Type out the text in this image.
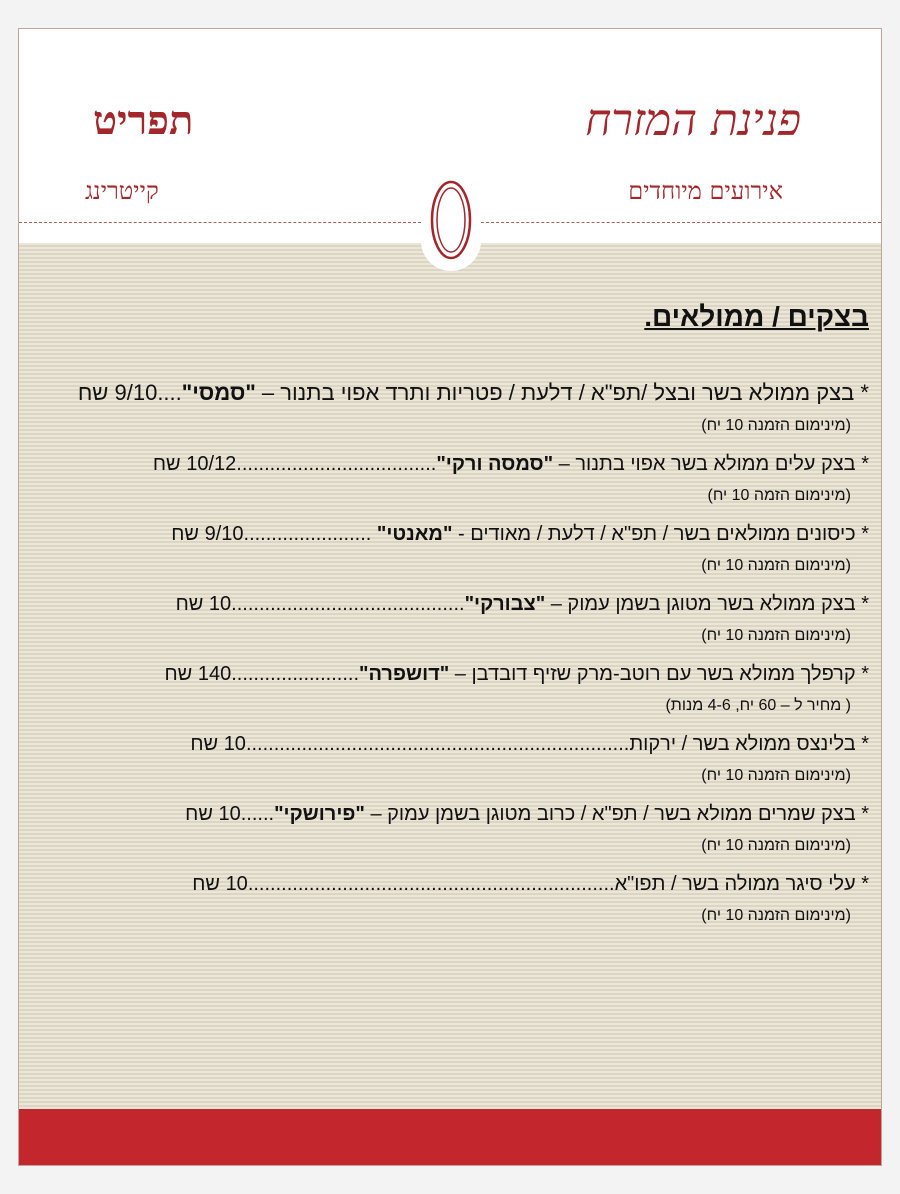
פנינת המזרח
אירועים מיוחדים
תפריט
קייטרינג
בצקים / ממולאים.
* בצק ממולא בשר ובצל /תפ"א / דלעת / פטריות ותרד אפוי בתנור – "סמסי"....9/10 שח
(מינימום הזמנה 10 יח)
* בצק עלים ממולא בשר אפוי בתנור – "סמסה ורקי"....................................10/12 שח
(מינימום הזמה 10 יח)
* כיסונים ממולאים בשר / תפ"א / דלעת / מאודים - "מאנטי" .......................9/10 שח
(מינימום הזמנה 10 יח)
* בצק ממולא בשר מטוגן בשמן עמוק – "צבורקי"..........................................10 שח
(מינימום הזמנה 10 יח)
* קרפלך ממולא בשר עם רוטב-מרק שזיף דובדבן – "דושפרה".......................140 שח
( מחיר ל – 60 יח, 4-6 מנות)
* בלינצס ממולא בשר / ירקות.....................................................................10 שח
(מינימום הזמנה 10 יח)
* בצק שמרים ממולא בשר / תפ"א / כרוב מטוגן בשמן עמוק – "פירושקי"......10 שח
(מינימום הזמנה 10 יח)
* עלי סיגר ממולה בשר / תפו"א..................................................................10 שח
(מינימום הזמנה 10 יח)
